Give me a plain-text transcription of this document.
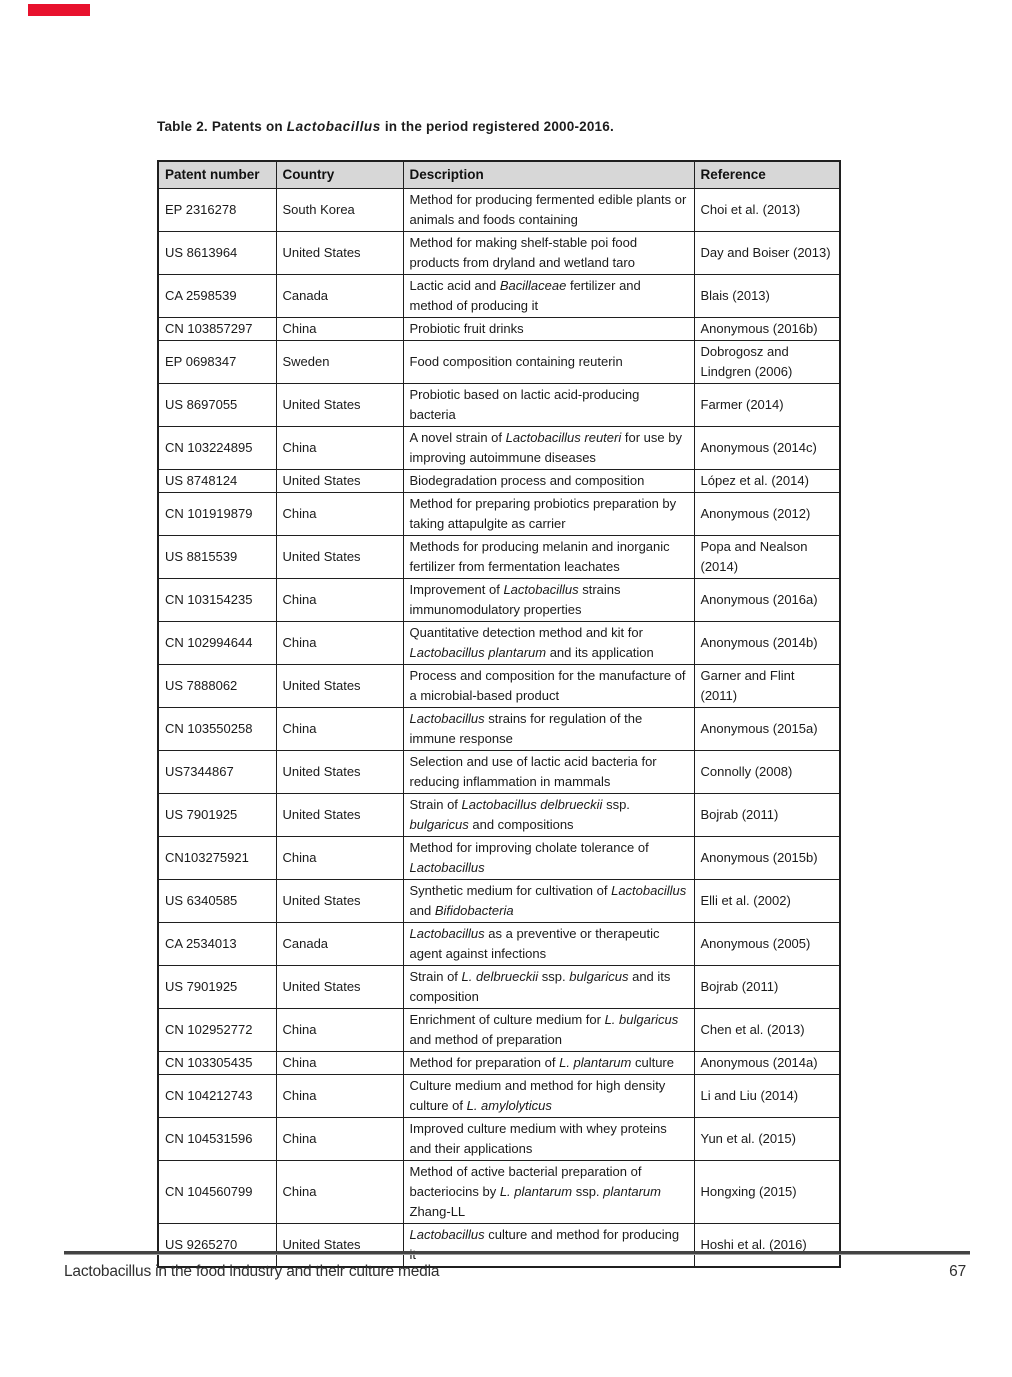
Table 2. Patents on Lactobacillus in the period registered 2000-2016.

Patent number	Country	Description	Reference
EP 2316278	South Korea	Method for producing fermented edible plants or animals and foods containing	Choi et al. (2013)
US 8613964	United States	Method for making shelf-stable poi food products from dryland and wetland taro	Day and Boiser (2013)
CA 2598539	Canada	Lactic acid and Bacillaceae fertilizer and method of producing it	Blais (2013)
CN 103857297	China	Probiotic fruit drinks	Anonymous (2016b)
EP 0698347	Sweden	Food composition containing reuterin	Dobrogosz and Lindgren (2006)
US 8697055	United States	Probiotic based on lactic acid-producing bacteria	Farmer (2014)
CN 103224895	China	A novel strain of Lactobacillus reuteri for use by improving autoimmune diseases	Anonymous (2014c)
US 8748124	United States	Biodegradation process and composition	López et al. (2014)
CN 101919879	China	Method for preparing probiotics preparation by taking attapulgite as carrier	Anonymous (2012)
US 8815539	United States	Methods for producing melanin and inorganic fertilizer from fermentation leachates	Popa and Nealson (2014)
CN 103154235	China	Improvement of Lactobacillus strains immunomodulatory properties	Anonymous (2016a)
CN 102994644	China	Quantitative detection method and kit for Lactobacillus plantarum and its application	Anonymous (2014b)
US 7888062	United States	Process and composition for the manufacture of a microbial-based product	Garner and Flint (2011)
CN 103550258	China	Lactobacillus strains for regulation of the immune response	Anonymous (2015a)
US7344867	United States	Selection and use of lactic acid bacteria for reducing inflammation in mammals	Connolly (2008)
US 7901925	United States	Strain of Lactobacillus delbrueckii ssp. bulgaricus and compositions	Bojrab (2011)
CN103275921	China	Method for improving cholate tolerance of Lactobacillus	Anonymous (2015b)
US 6340585	United States	Synthetic medium for cultivation of Lactobacillus and Bifidobacteria	Elli et al. (2002)
CA 2534013	Canada	Lactobacillus as a preventive or therapeutic agent against infections	Anonymous (2005)
US 7901925	United States	Strain of L. delbrueckii ssp. bulgaricus and its composition	Bojrab (2011)
CN 102952772	China	Enrichment of culture medium for L. bulgaricus and method of preparation	Chen et al. (2013)
CN 103305435	China	Method for preparation of L. plantarum culture	Anonymous (2014a)
CN 104212743	China	Culture medium and method for high density culture of L. amylolyticus	Li and Liu (2014)
CN 104531596	China	Improved culture medium with whey proteins and their applications	Yun et al. (2015)
CN 104560799	China	Method of active bacterial preparation of bacteriocins by L. plantarum ssp. plantarum Zhang-LL	Hongxing (2015)
US 9265270	United States	Lactobacillus culture and method for producing it	Hoshi et al. (2016)
Lactobacillus in the food industry and their culture media	67
